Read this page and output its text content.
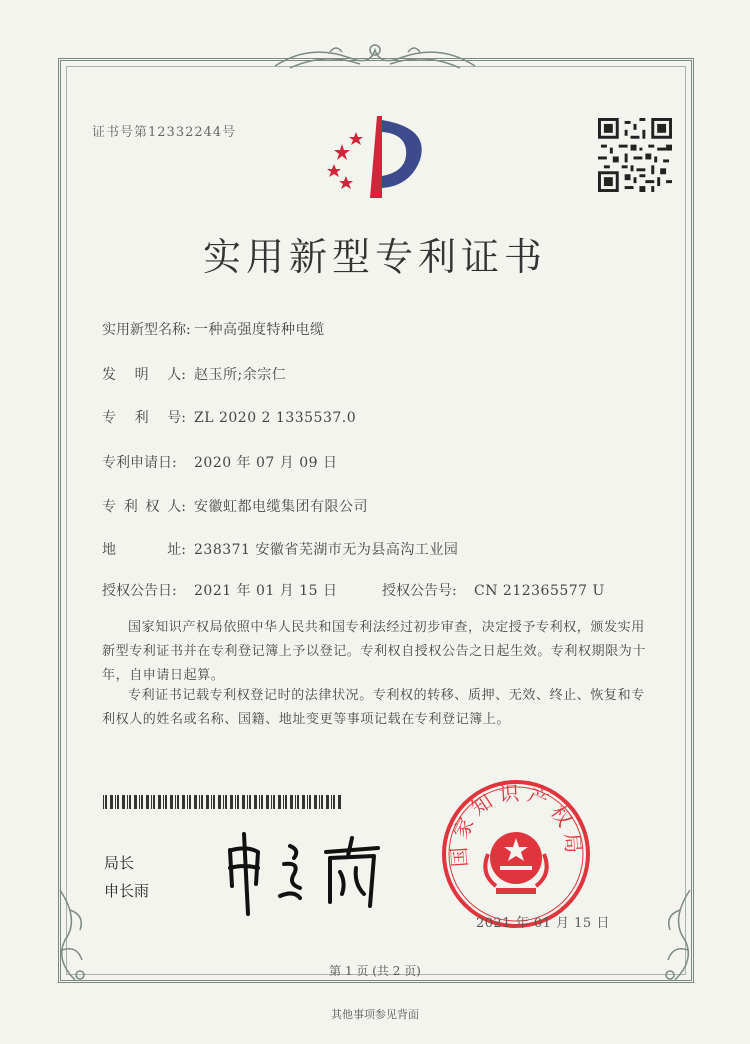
证书号第12332244号
实用新型专利证书
实用新型名称: 一种高强度特种电缆
发 明 人: 赵玉所;余宗仁
专 利 号: ZL 2020 2 1335537.0
专利申请日: 2020 年 07 月 09 日
专 利 权 人: 安徽虹都电缆集团有限公司
地	址: 238371 安徽省芜湖市无为县高沟工业园
授权公告日: 2021 年 01 月 15 日	授权公告号: CN 212365577 U
国家知识产权局依照中华人民共和国专利法经过初步审查，决定授予专利权，颁发实用新型专利证书并在专利登记簿上予以登记。专利权自授权公告之日起生效。专利权期限为十年，自申请日起算。
专利证书记载专利权登记时的法律状况。专利权的转移、质押、无效、终止、恢复和专利权人的姓名或名称、国籍、地址变更等事项记载在专利登记簿上。
局长
申长雨
国家知识产权局
2021 年 01 月 15 日
第 1 页 (共 2 页)
其他事项参见背面
